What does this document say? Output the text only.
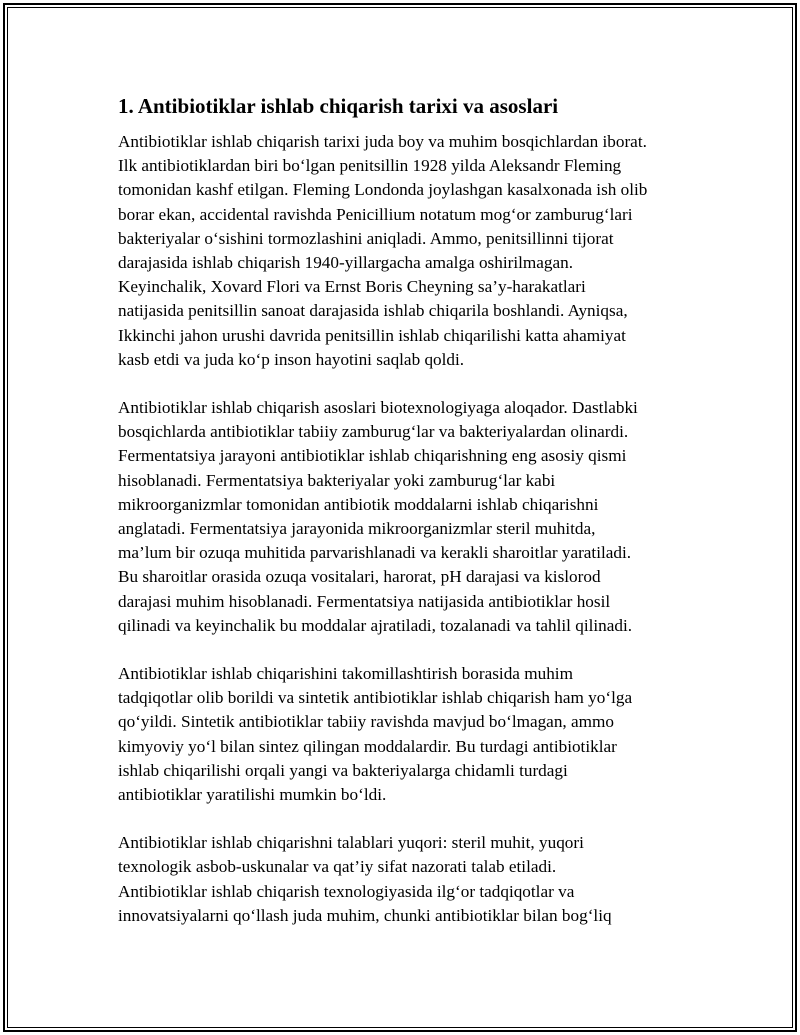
1. Antibiotiklar ishlab chiqarish tarixi va asoslari

Antibiotiklar ishlab chiqarish tarixi juda boy va muhim bosqichlardan iborat.
Ilk antibiotiklardan biri bo‘lgan penitsillin 1928 yilda Aleksandr Fleming
tomonidan kashf etilgan. Fleming Londonda joylashgan kasalxonada ish olib
borar ekan, accidental ravishda Penicillium notatum mog‘or zamburug‘lari
bakteriyalar o‘sishini tormozlashini aniqladi. Ammo, penitsillinni tijorat
darajasida ishlab chiqarish 1940-yillargacha amalga oshirilmagan.
Keyinchalik, Xovard Flori va Ernst Boris Cheyning sa’y-harakatlari
natijasida penitsillin sanoat darajasida ishlab chiqarila boshlandi. Ayniqsa,
Ikkinchi jahon urushi davrida penitsillin ishlab chiqarilishi katta ahamiyat
kasb etdi va juda ko‘p inson hayotini saqlab qoldi.

Antibiotiklar ishlab chiqarish asoslari biotexnologiyaga aloqador. Dastlabki
bosqichlarda antibiotiklar tabiiy zamburug‘lar va bakteriyalardan olinardi.
Fermentatsiya jarayoni antibiotiklar ishlab chiqarishning eng asosiy qismi
hisoblanadi. Fermentatsiya bakteriyalar yoki zamburug‘lar kabi
mikroorganizmlar tomonidan antibiotik moddalarni ishlab chiqarishni
anglatadi. Fermentatsiya jarayonida mikroorganizmlar steril muhitda,
ma’lum bir ozuqa muhitida parvarishlanadi va kerakli sharoitlar yaratiladi.
Bu sharoitlar orasida ozuqa vositalari, harorat, pH darajasi va kislorod
darajasi muhim hisoblanadi. Fermentatsiya natijasida antibiotiklar hosil
qilinadi va keyinchalik bu moddalar ajratiladi, tozalanadi va tahlil qilinadi.

Antibiotiklar ishlab chiqarishini takomillashtirish borasida muhim
tadqiqotlar olib borildi va sintetik antibiotiklar ishlab chiqarish ham yo‘lga
qo‘yildi. Sintetik antibiotiklar tabiiy ravishda mavjud bo‘lmagan, ammo
kimyoviy yo‘l bilan sintez qilingan moddalardir. Bu turdagi antibiotiklar
ishlab chiqarilishi orqali yangi va bakteriyalarga chidamli turdagi
antibiotiklar yaratilishi mumkin bo‘ldi.

Antibiotiklar ishlab chiqarishni talablari yuqori: steril muhit, yuqori
texnologik asbob-uskunalar va qat’iy sifat nazorati talab etiladi.
Antibiotiklar ishlab chiqarish texnologiyasida ilg‘or tadqiqotlar va
innovatsiyalarni qo‘llash juda muhim, chunki antibiotiklar bilan bog‘liq
